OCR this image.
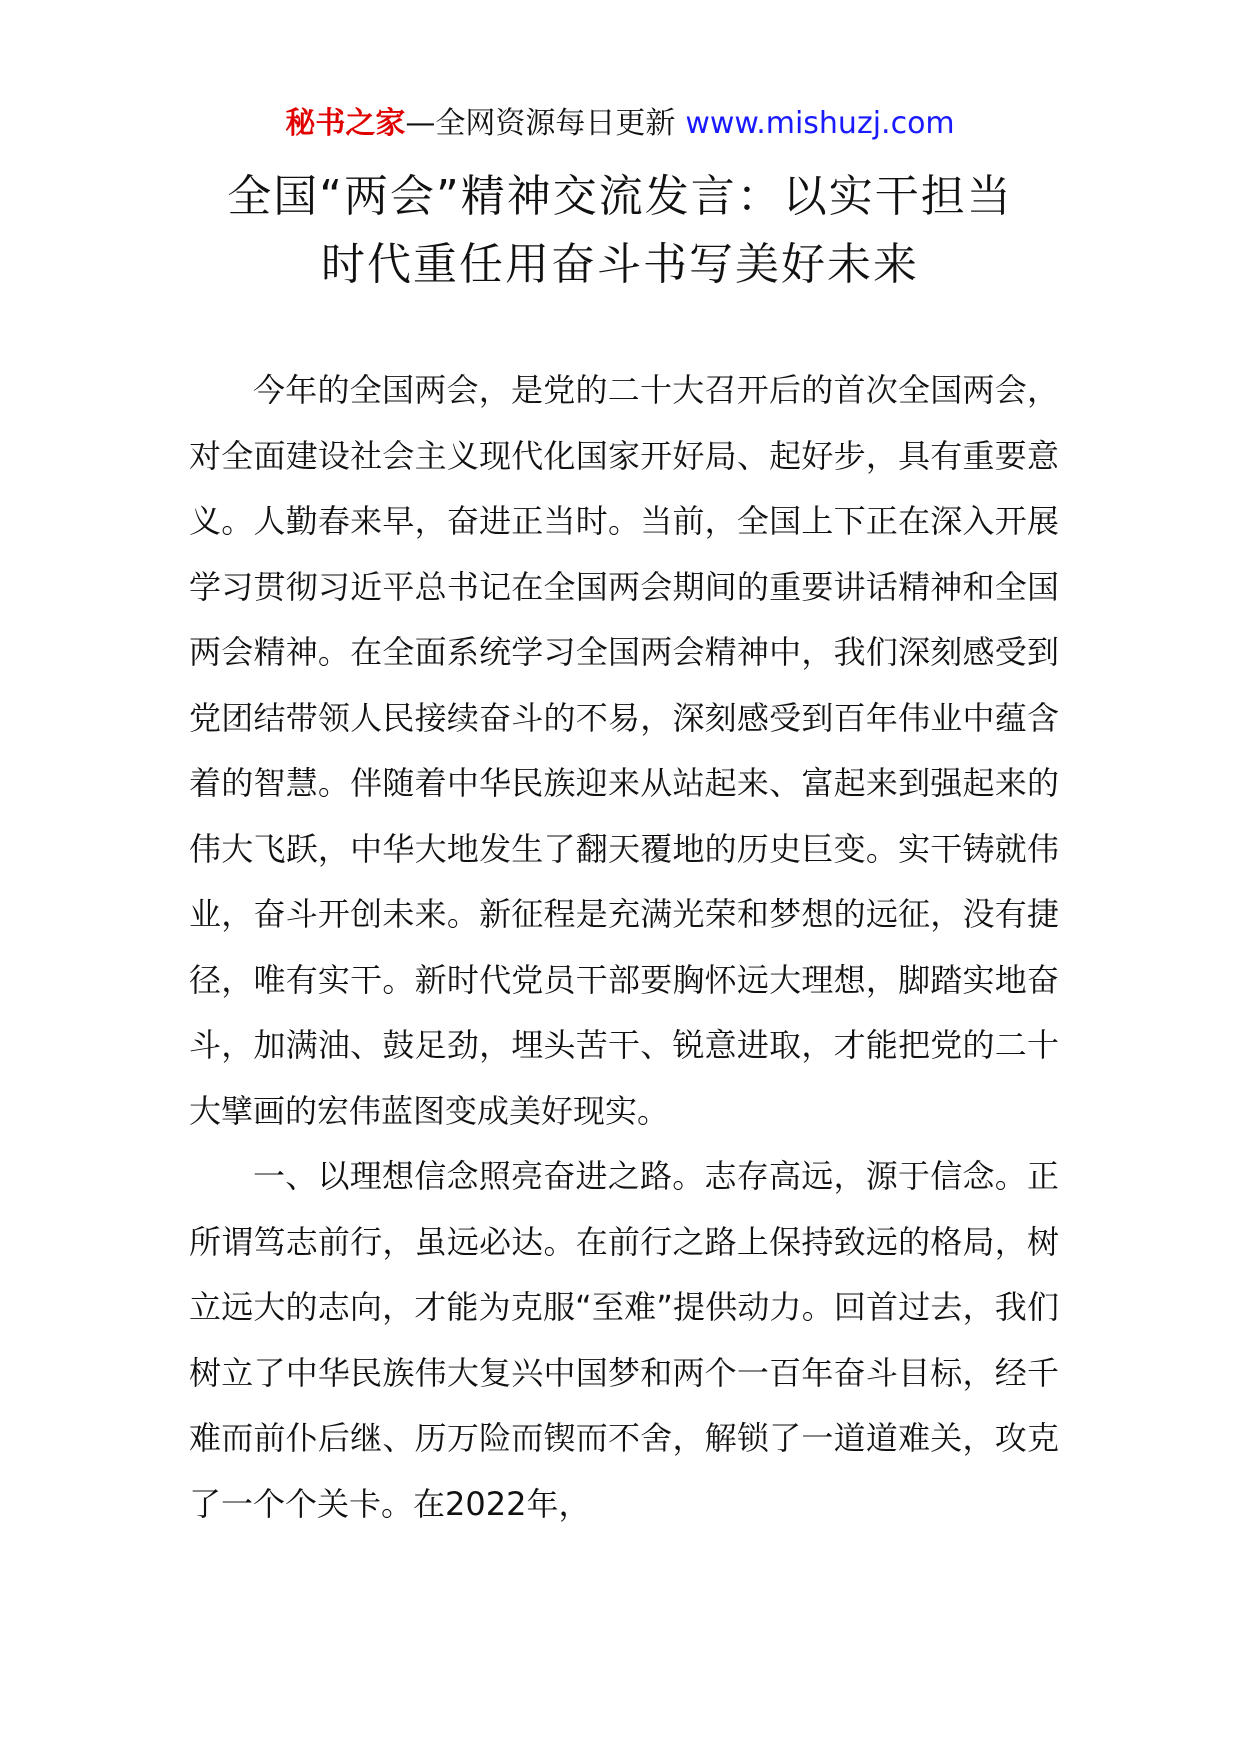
秘书之家—全网资源每日更新 www.mishuzj.com
全国“两会”精神交流发言：以实干担当
时代重任用奋斗书写美好未来

今年的全国两会，是党的二十大召开后的首次全国两会，对全面建设社会主义现代化国家开好局、起好步，具有重要意义。人勤春来早，奋进正当时。当前，全国上下正在深入开展学习贯彻习近平总书记在全国两会期间的重要讲话精神和全国两会精神。在全面系统学习全国两会精神中，我们深刻感受到党团结带领人民接续奋斗的不易，深刻感受到百年伟业中蕴含着的智慧。伴随着中华民族迎来从站起来、富起来到强起来的伟大飞跃，中华大地发生了翻天覆地的历史巨变。实干铸就伟业，奋斗开创未来。新征程是充满光荣和梦想的远征，没有捷径，唯有实干。新时代党员干部要胸怀远大理想，脚踏实地奋斗，加满油、鼓足劲，埋头苦干、锐意进取，才能把党的二十大擘画的宏伟蓝图变成美好现实。

一、以理想信念照亮奋进之路。志存高远，源于信念。正所谓笃志前行，虽远必达。在前行之路上保持致远的格局，树立远大的志向，才能为克服“至难”提供动力。回首过去，我们树立了中华民族伟大复兴中国梦和两个一百年奋斗目标，经千难而前仆后继、历万险而锲而不舍，解锁了一道道难关，攻克了一个个关卡。在2022年，
